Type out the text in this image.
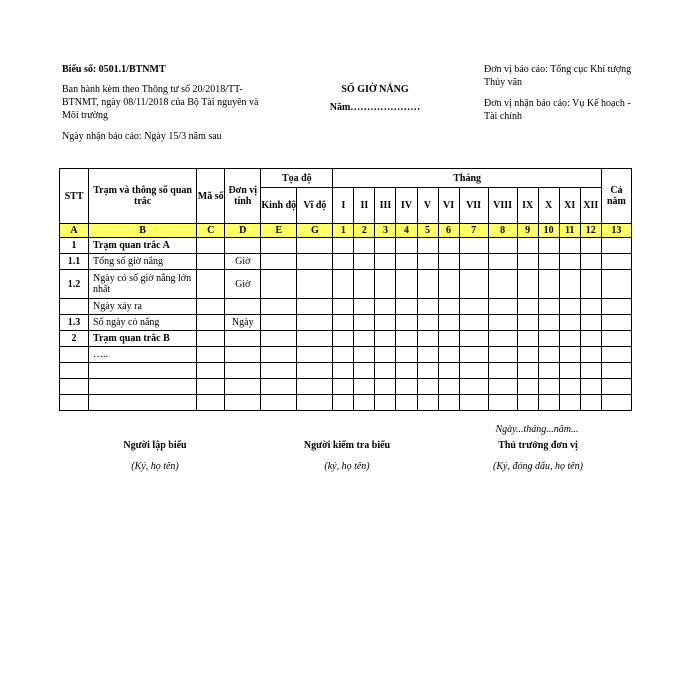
Biểu số: 0501.1/BTNMT
Ban hành kèm theo Thông tư số 20/2018/TT-BTNMT, ngày 08/11/2018 của Bộ Tài nguyên và Môi trường
Ngày nhận báo cáo: Ngày 15/3 năm sau
SỐ GIỜ NẮNG
Năm…………………
Đơn vị báo cáo: Tổng cục Khí tượng Thủy văn
Đơn vị nhận báo cáo: Vụ Kế hoạch - Tài chính
STT	Trạm và thông số quan trắc	Mã số	Đơn vị tính	Tọa độ		Tháng												Cả năm
				Kinh độ	Vĩ độ	I	II	III	IV	V	VI	VII	VIII	IX	X	XI	XII	
A	B	C	D	E	G	1	2	3	4	5	6	7	8	9	10	11	12	13
1	Trạm quan trắc A																	
1.1	Tổng số giờ nắng		Giờ															
1.2	Ngày có số giờ nắng lớn nhất		Giờ															
	Ngày xảy ra																	
1.3	Số ngày có nắng		Ngày															
2	Trạm quan trắc B																	
	…..																	

Ngày...tháng...năm...
Người lập biểu
(Ký, họ tên)
Người kiểm tra biểu
(ký, họ tên)
Thủ trưởng đơn vị
(Ký, đóng dấu, họ tên)
